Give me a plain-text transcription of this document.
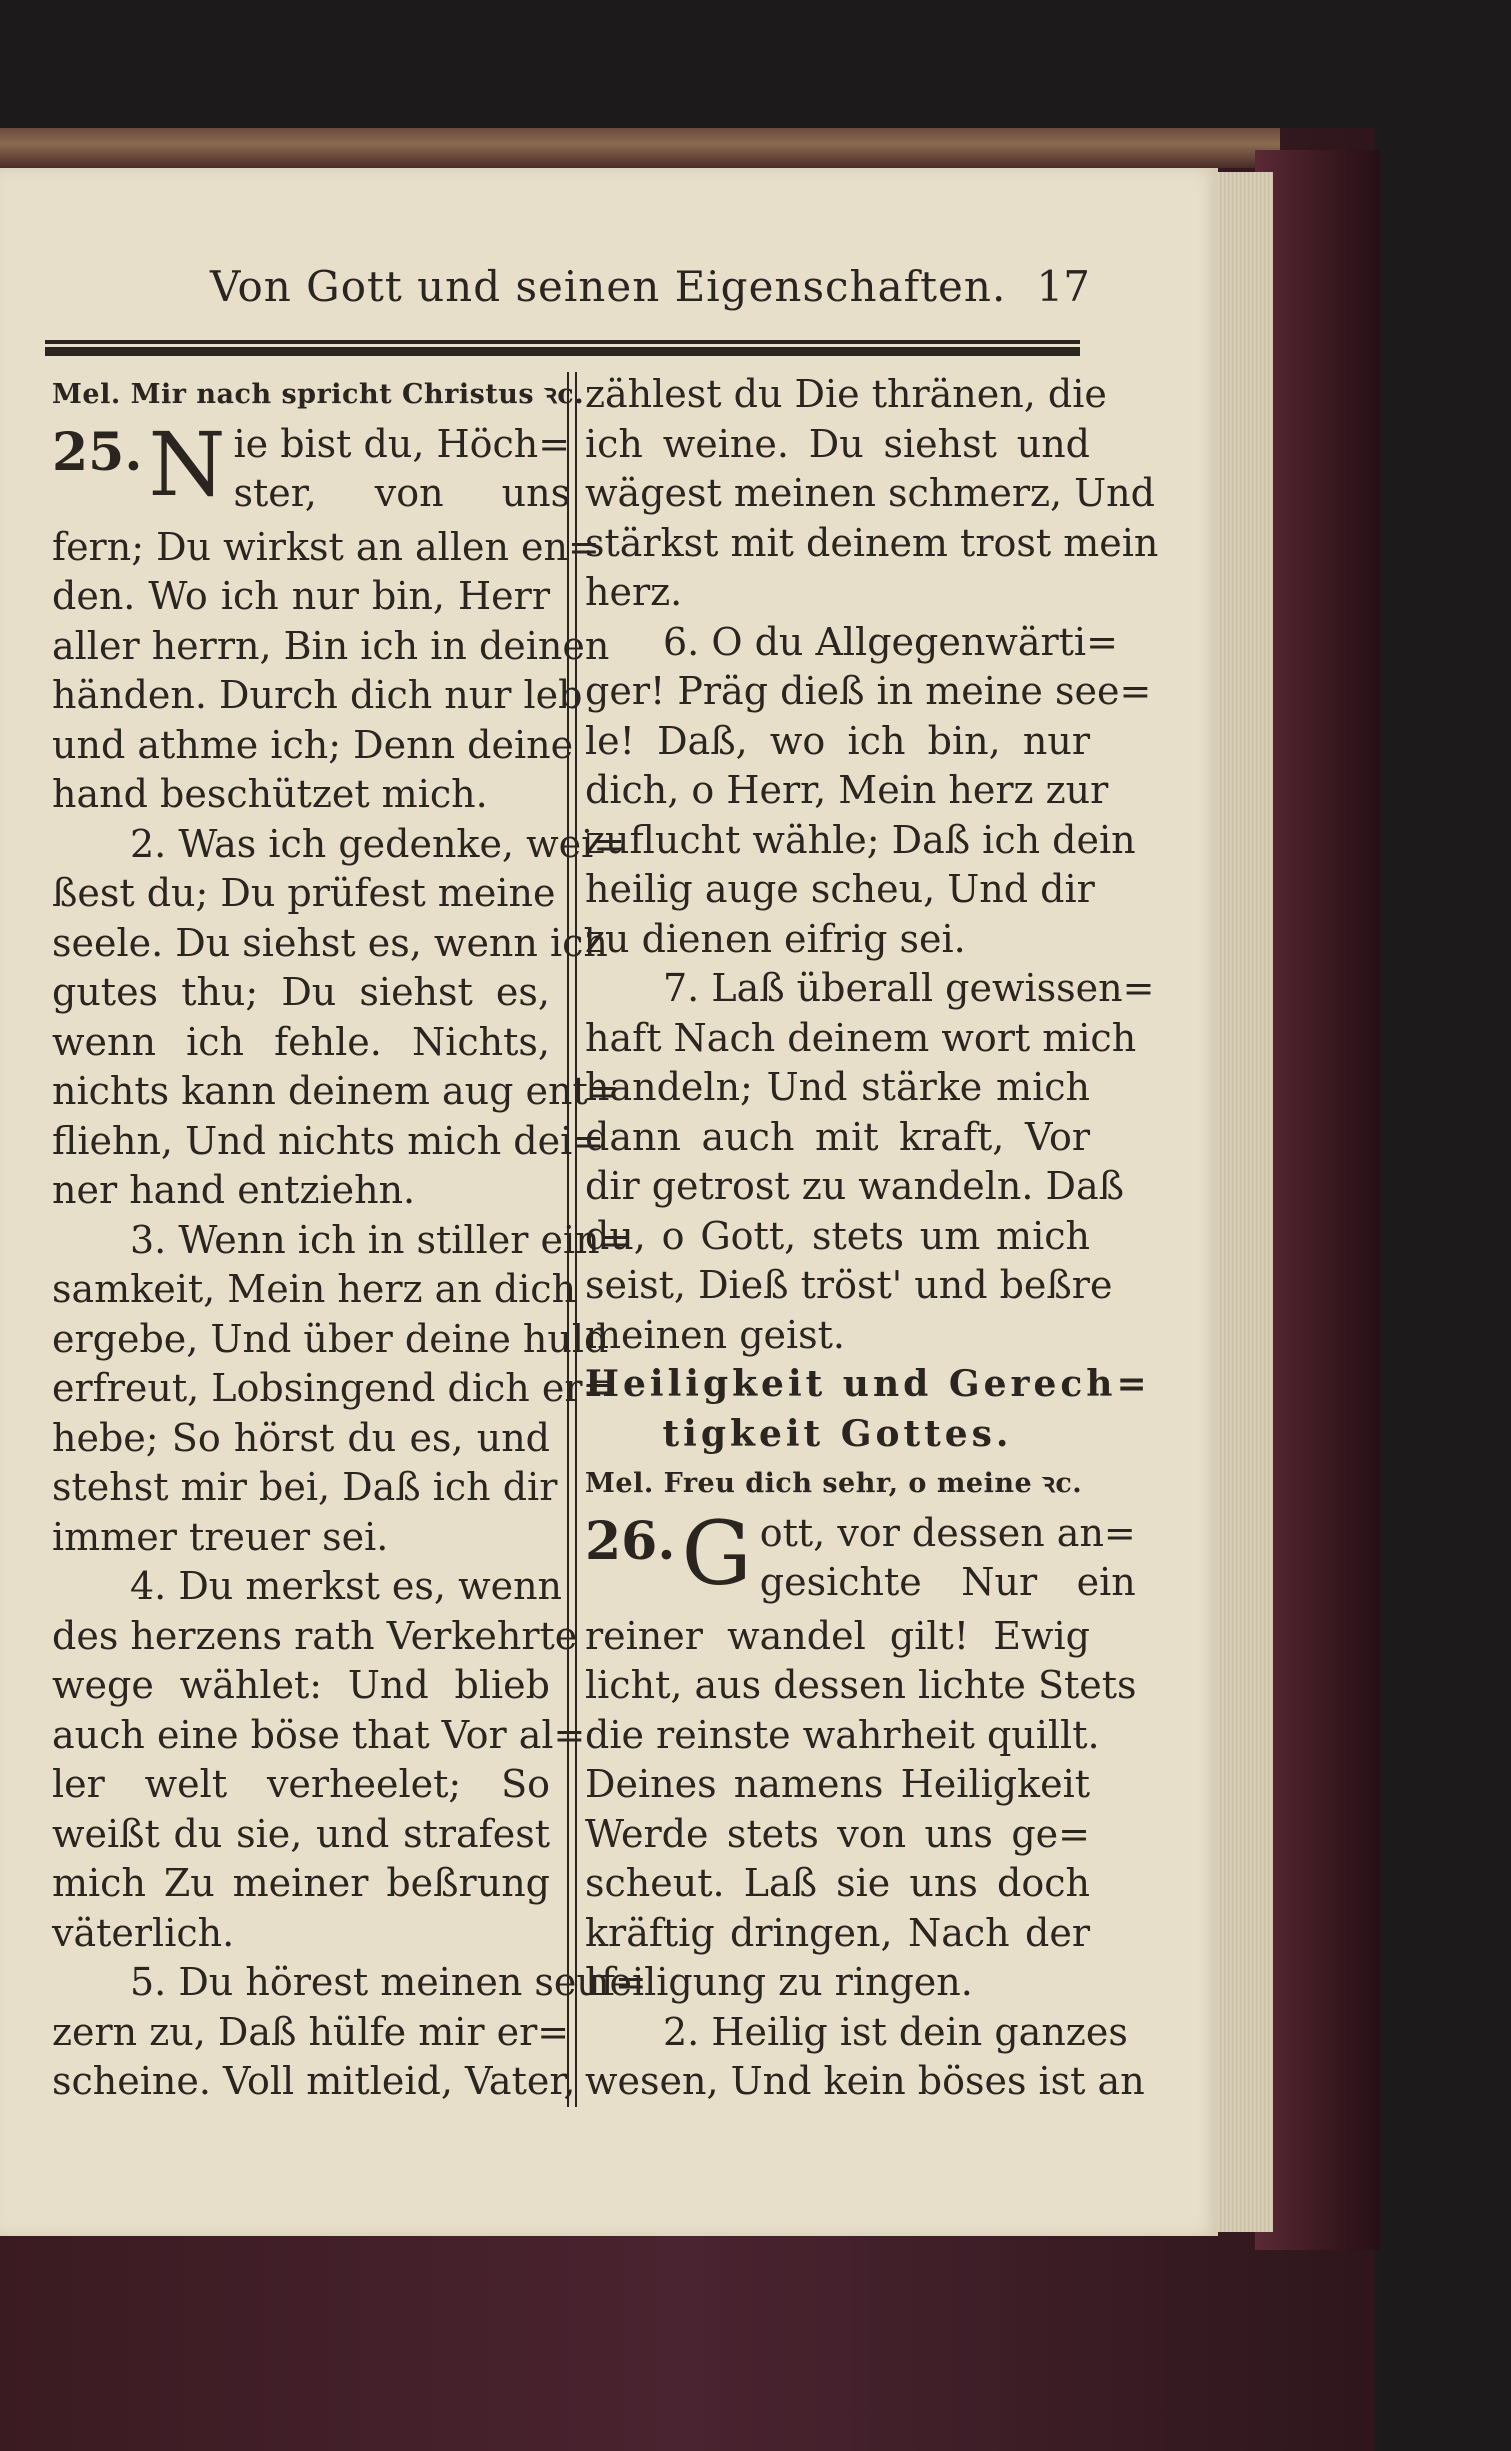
Von Gott und seinen Eigenschaften. 17
Mel. Mir nach spricht Christus ꝛc.
25. N ie bist du, Höch=
ster, von uns
fern; Du wirkst an allen en=
den. Wo ich nur bin, Herr
aller herrn, Bin ich in deinen
händen. Durch dich nur leb
und athme ich; Denn deine
hand beschützet mich.
2. Was ich gedenke, wei=
ßest du; Du prüfest meine
seele. Du siehst es, wenn ich
gutes thu; Du siehst es,
wenn ich fehle. Nichts,
nichts kann deinem aug ent=
fliehn, Und nichts mich dei=
ner hand entziehn.
3. Wenn ich in stiller ein=
samkeit, Mein herz an dich
ergebe, Und über deine huld
erfreut, Lobsingend dich er=
hebe; So hörst du es, und
stehst mir bei, Daß ich dir
immer treuer sei.
4. Du merkst es, wenn
des herzens rath Verkehrte
wege wählet: Und blieb
auch eine böse that Vor al=
ler welt verheelet; So
weißt du sie, und strafest
mich Zu meiner beßrung
väterlich.
5. Du hörest meinen seuf=
zern zu, Daß hülfe mir er=
scheine. Voll mitleid, Vater,
zählest du Die thränen, die
ich weine. Du siehst und
wägest meinen schmerz, Und
stärkst mit deinem trost mein
herz.
6. O du Allgegenwärti=
ger! Präg dieß in meine see=
le! Daß, wo ich bin, nur
dich, o Herr, Mein herz zur
zuflucht wähle; Daß ich dein
heilig auge scheu, Und dir
zu dienen eifrig sei.
7. Laß überall gewissen=
haft Nach deinem wort mich
handeln; Und stärke mich
dann auch mit kraft, Vor
dir getrost zu wandeln. Daß
du, o Gott, stets um mich
seist, Dieß tröst' und beßre
meinen geist.
Heiligkeit und Gerech=
tigkeit Gottes.
Mel. Freu dich sehr, o meine ꝛc.
26. G ott, vor dessen an=
gesichte Nur ein
reiner wandel gilt! Ewig
licht, aus dessen lichte Stets
die reinste wahrheit quillt.
Deines namens Heiligkeit
Werde stets von uns ge=
scheut. Laß sie uns doch
kräftig dringen, Nach der
heiligung zu ringen.
2. Heilig ist dein ganzes
wesen, Und kein böses ist an
